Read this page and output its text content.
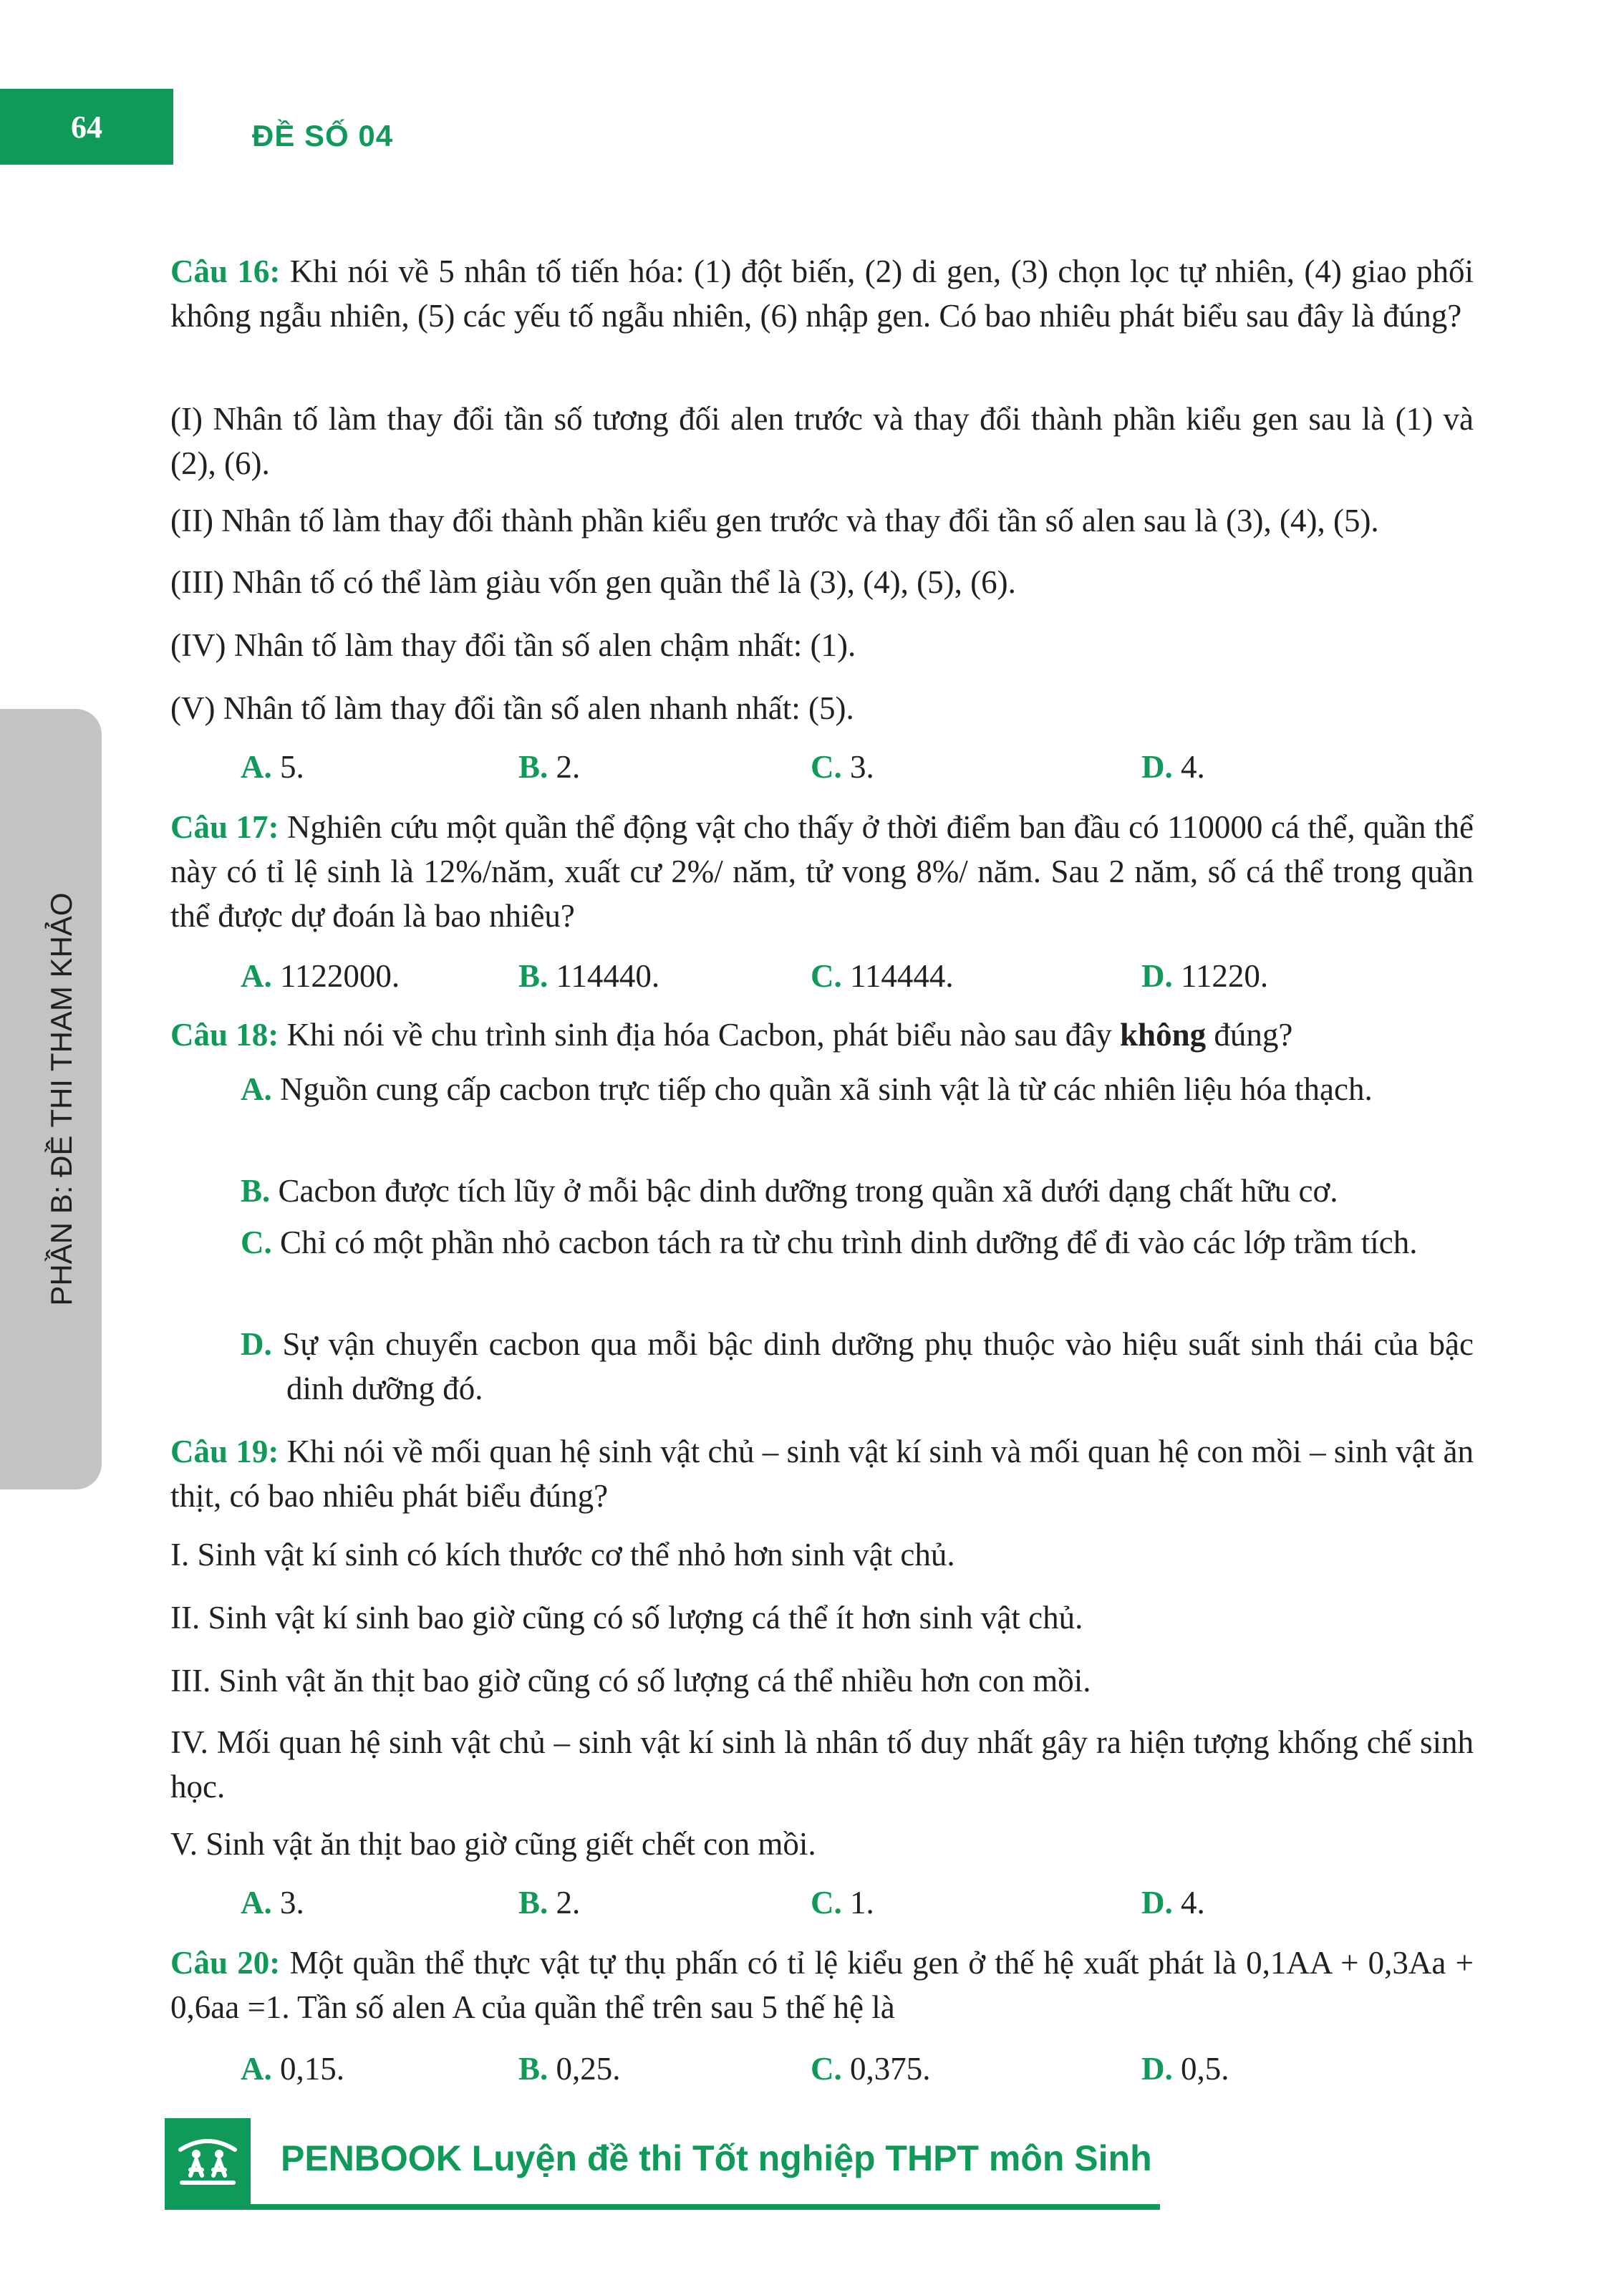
64	ĐỀ SỐ 04
PHẦN B: ĐỀ THI THAM KHẢO
Câu 16: Khi nói về 5 nhân tố tiến hóa: (1) đột biến, (2) di gen, (3) chọn lọc tự nhiên, (4) giao phối không ngẫu nhiên, (5) các yếu tố ngẫu nhiên, (6) nhập gen. Có bao nhiêu phát biểu sau đây là đúng?
(I) Nhân tố làm thay đổi tần số tương đối alen trước và thay đổi thành phần kiểu gen sau là (1) và (2), (6).
(II) Nhân tố làm thay đổi thành phần kiểu gen trước và thay đổi tần số alen sau là (3), (4), (5).
(III) Nhân tố có thể làm giàu vốn gen quần thể là (3), (4), (5), (6).
(IV) Nhân tố làm thay đổi tần số alen chậm nhất: (1).
(V) Nhân tố làm thay đổi tần số alen nhanh nhất: (5).
A. 5.	B. 2.	C. 3.	D. 4.
Câu 17: Nghiên cứu một quần thể động vật cho thấy ở thời điểm ban đầu có 110000 cá thể, quần thể này có tỉ lệ sinh là 12%/năm, xuất cư 2%/ năm, tử vong 8%/ năm. Sau 2 năm, số cá thể trong quần thể được dự đoán là bao nhiêu?
A. 1122000.	B. 114440.	C. 114444.	D. 11220.
Câu 18: Khi nói về chu trình sinh địa hóa Cacbon, phát biểu nào sau đây không đúng?
A. Nguồn cung cấp cacbon trực tiếp cho quần xã sinh vật là từ các nhiên liệu hóa thạch.
B. Cacbon được tích lũy ở mỗi bậc dinh dưỡng trong quần xã dưới dạng chất hữu cơ.
C. Chỉ có một phần nhỏ cacbon tách ra từ chu trình dinh dưỡng để đi vào các lớp trầm tích.
D. Sự vận chuyển cacbon qua mỗi bậc dinh dưỡng phụ thuộc vào hiệu suất sinh thái của bậc dinh dưỡng đó.
Câu 19: Khi nói về mối quan hệ sinh vật chủ – sinh vật kí sinh và mối quan hệ con mồi – sinh vật ăn thịt, có bao nhiêu phát biểu đúng?
I. Sinh vật kí sinh có kích thước cơ thể nhỏ hơn sinh vật chủ.
II. Sinh vật kí sinh bao giờ cũng có số lượng cá thể ít hơn sinh vật chủ.
III. Sinh vật ăn thịt bao giờ cũng có số lượng cá thể nhiều hơn con mồi.
IV. Mối quan hệ sinh vật chủ – sinh vật kí sinh là nhân tố duy nhất gây ra hiện tượng khống chế sinh học.
V. Sinh vật ăn thịt bao giờ cũng giết chết con mồi.
A. 3.	B. 2.	C. 1.	D. 4.
Câu 20: Một quần thể thực vật tự thụ phấn có tỉ lệ kiểu gen ở thế hệ xuất phát là 0,1AA + 0,3Aa + 0,6aa =1. Tần số alen A của quần thể trên sau 5 thế hệ là
A. 0,15.	B. 0,25.	C. 0,375.	D. 0,5.
PENBOOK Luyện đề thi Tốt nghiệp THPT môn Sinh
